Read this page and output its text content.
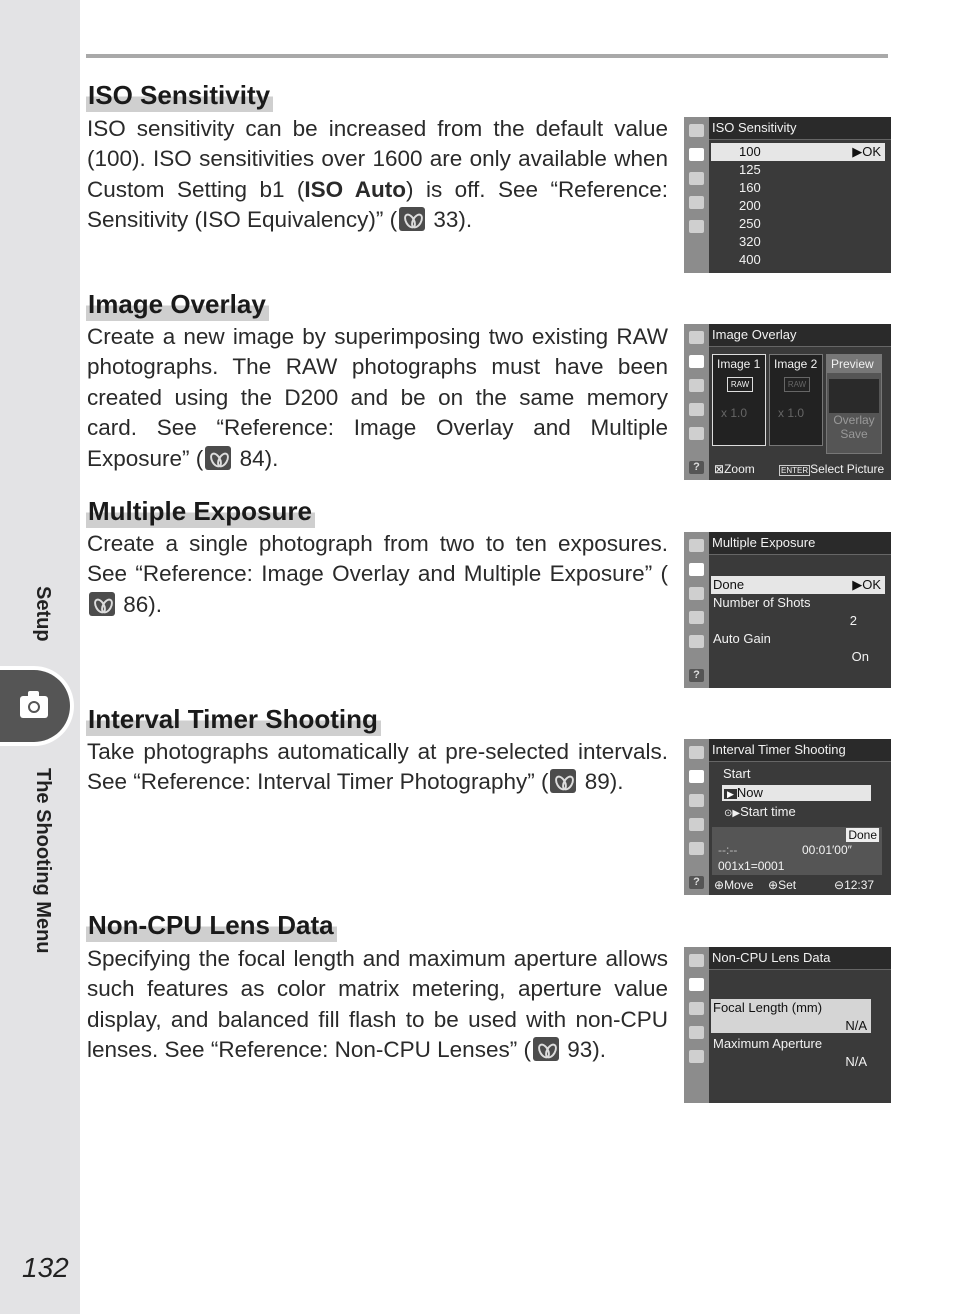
Setup
The Shooting Menu
132
ISO Sensitivity
ISO sensitivity can be increased from the default value (100). ISO sensitivities over 1600 are only available when Custom Setting b1 (ISO Auto) is off. See “Reference: Sensitivity (ISO Equivalency)” ( 33).
ISO Sensitivity
100	▶OK
125
160
200
250
320
400
Image Overlay
Create a new image by superimposing two existing RAW photographs. The RAW photographs must have been created using the D200 and be on the same memory card. See “Reference: Image Overlay and Multiple Exposure” ( 84).	?
Image Overlay
Image 1
RAW
x 1.0
Image 2
RAW
x 1.0
Preview
Overlay
Save
⊠Zoom	ENTER Select Picture
Multiple Exposure
Create a single photograph from two to ten exposures. See “Reference: Image Overlay and Multiple Exposure” ( 86).
?
Multiple Exposure
Done	▶OK
Number of Shots
2
Auto Gain
On
Interval Timer Shooting
Take photographs automatically at pre-selected intervals. See “Reference: Interval Timer Photography” ( 89).
?
Interval Timer Shooting
Start
▶ Now
⊙▶Start time
Done
--:--	00:01′00″
001x1=0001
⊕Move ⊕Set	⊖12:37
Non-CPU Lens Data
Specifying the focal length and maximum aperture allows such features as color matrix metering, aperture value display, and balanced fill flash to be used with non-CPU lenses. See “Reference: Non-CPU Lenses” ( 93).
Non-CPU Lens Data
Focal Length (mm)
N/A
Maximum Aperture
N/A
